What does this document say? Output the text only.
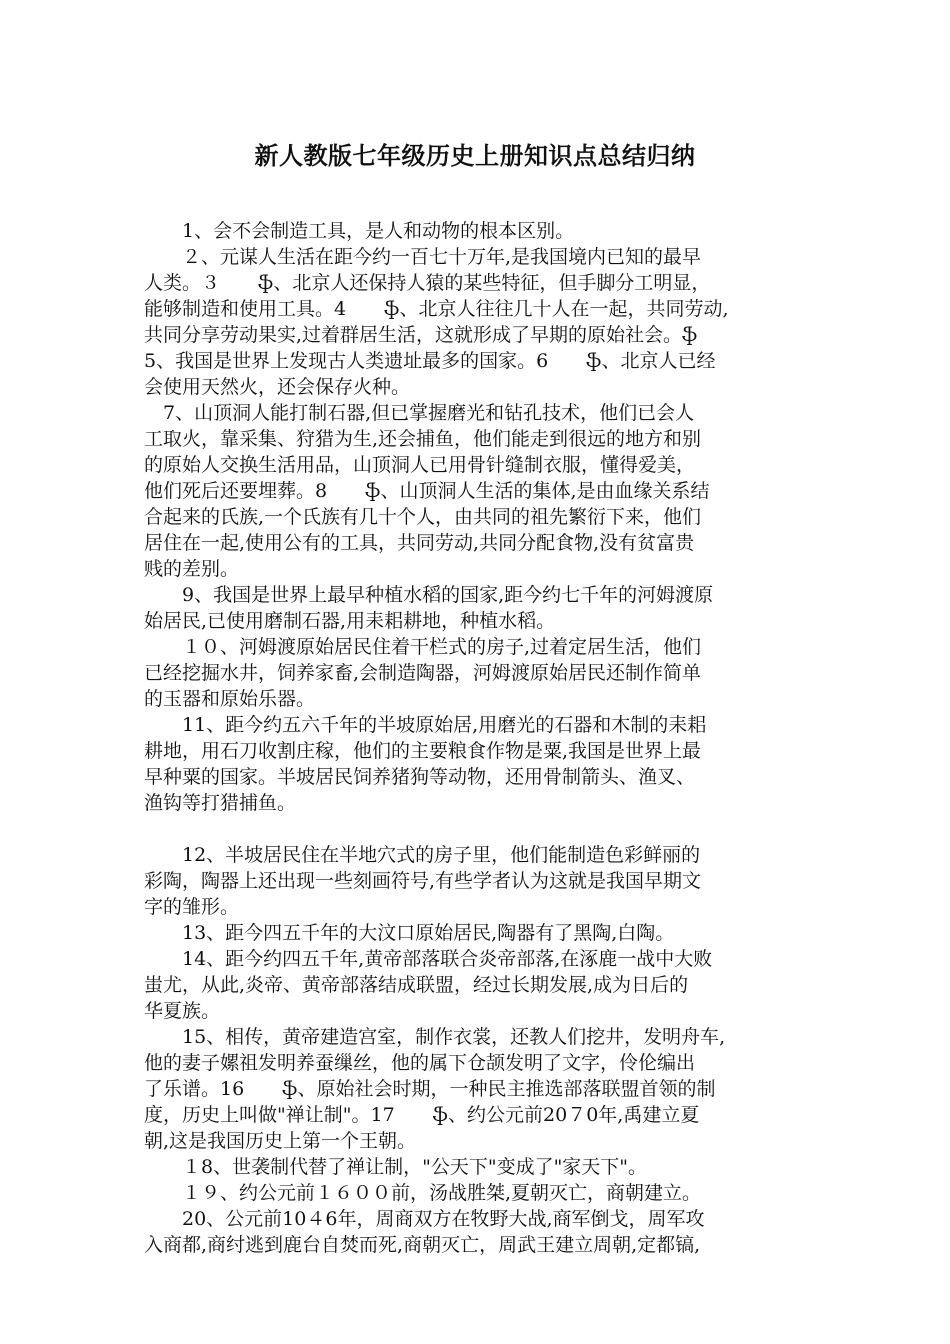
新人教版七年级历史上册知识点总结归纳

　　1、会不会制造工具，是人和动物的根本区别。

　　２、元谋人生活在距今约一百七十万年,是我国境内已知的最早

人类。３　　ֆ、北京人还保持人猿的某些特征，但手脚分工明显，

能够制造和使用工具。4　　ֆ、北京人往往几十人在一起，共同劳动,

共同分享劳动果实,过着群居生活，这就形成了早期的原始社会。ֆ

5、我国是世界上发现古人类遗址最多的国家。6　　ֆ、北京人已经

会使用天然火，还会保存火种。

　7、山顶洞人能打制石器,但已掌握磨光和钻孔技术，他们已会人

工取火，靠采集、狩猎为生,还会捕鱼，他们能走到很远的地方和别

的原始人交换生活用品，山顶洞人已用骨针缝制衣服，懂得爱美，

他们死后还要埋葬。8　　ֆ、山顶洞人生活的集体,是由血缘关系结

合起来的氏族,一个氏族有几十个人，由共同的祖先繁衍下来，他们

居住在一起,使用公有的工具，共同劳动,共同分配食物,没有贫富贵

贱的差别。

　　9、我国是世界上最早种植水稻的国家,距今约七千年的河姆渡原

始居民,已使用磨制石器,用耒耜耕地，种植水稻。

　　１０、河姆渡原始居民住着干栏式的房子,过着定居生活，他们

已经挖掘水井，饲养家畜,会制造陶器，河姆渡原始居民还制作简单

的玉器和原始乐器。

　　11、距今约五六千年的半坡原始居,用磨光的石器和木制的耒耜

耕地，用石刀收割庄稼，他们的主要粮食作物是粟,我国是世界上最

早种粟的国家。半坡居民饲养猪狗等动物，还用骨制箭头、渔叉、

渔钩等打猎捕鱼。

　　12、半坡居民住在半地穴式的房子里，他们能制造色彩鲜丽的

彩陶，陶器上还出现一些刻画符号,有些学者认为这就是我国早期文

字的雏形。

　　13、距今四五千年的大汶口原始居民,陶器有了黑陶,白陶。

　　14、距今约四五千年,黄帝部落联合炎帝部落,在涿鹿一战中大败

蚩尤，从此,炎帝、黄帝部落结成联盟，经过长期发展,成为日后的

华夏族。

　　15、相传，黄帝建造宫室，制作衣裳，还教人们挖井，发明舟车,

他的妻子嫘祖发明养蚕缫丝，他的属下仓颉发明了文字，伶伦编出

了乐谱。16　　ֆ、原始社会时期，一种民主推选部落联盟首领的制

度，历史上叫做"禅让制"。17　　ֆ、约公元前20７0年,禹建立夏

朝,这是我国历史上第一个王朝。

　　１8、世袭制代替了禅让制，"公天下"变成了"家天下"。

　　１９、约公元前１６００前，汤战胜桀,夏朝灭亡，商朝建立。

　　20、公元前10４6年，周商双方在牧野大战,商军倒戈，周军攻

入商都,商纣逃到鹿台自焚而死,商朝灭亡，周武王建立周朝,定都镐,
